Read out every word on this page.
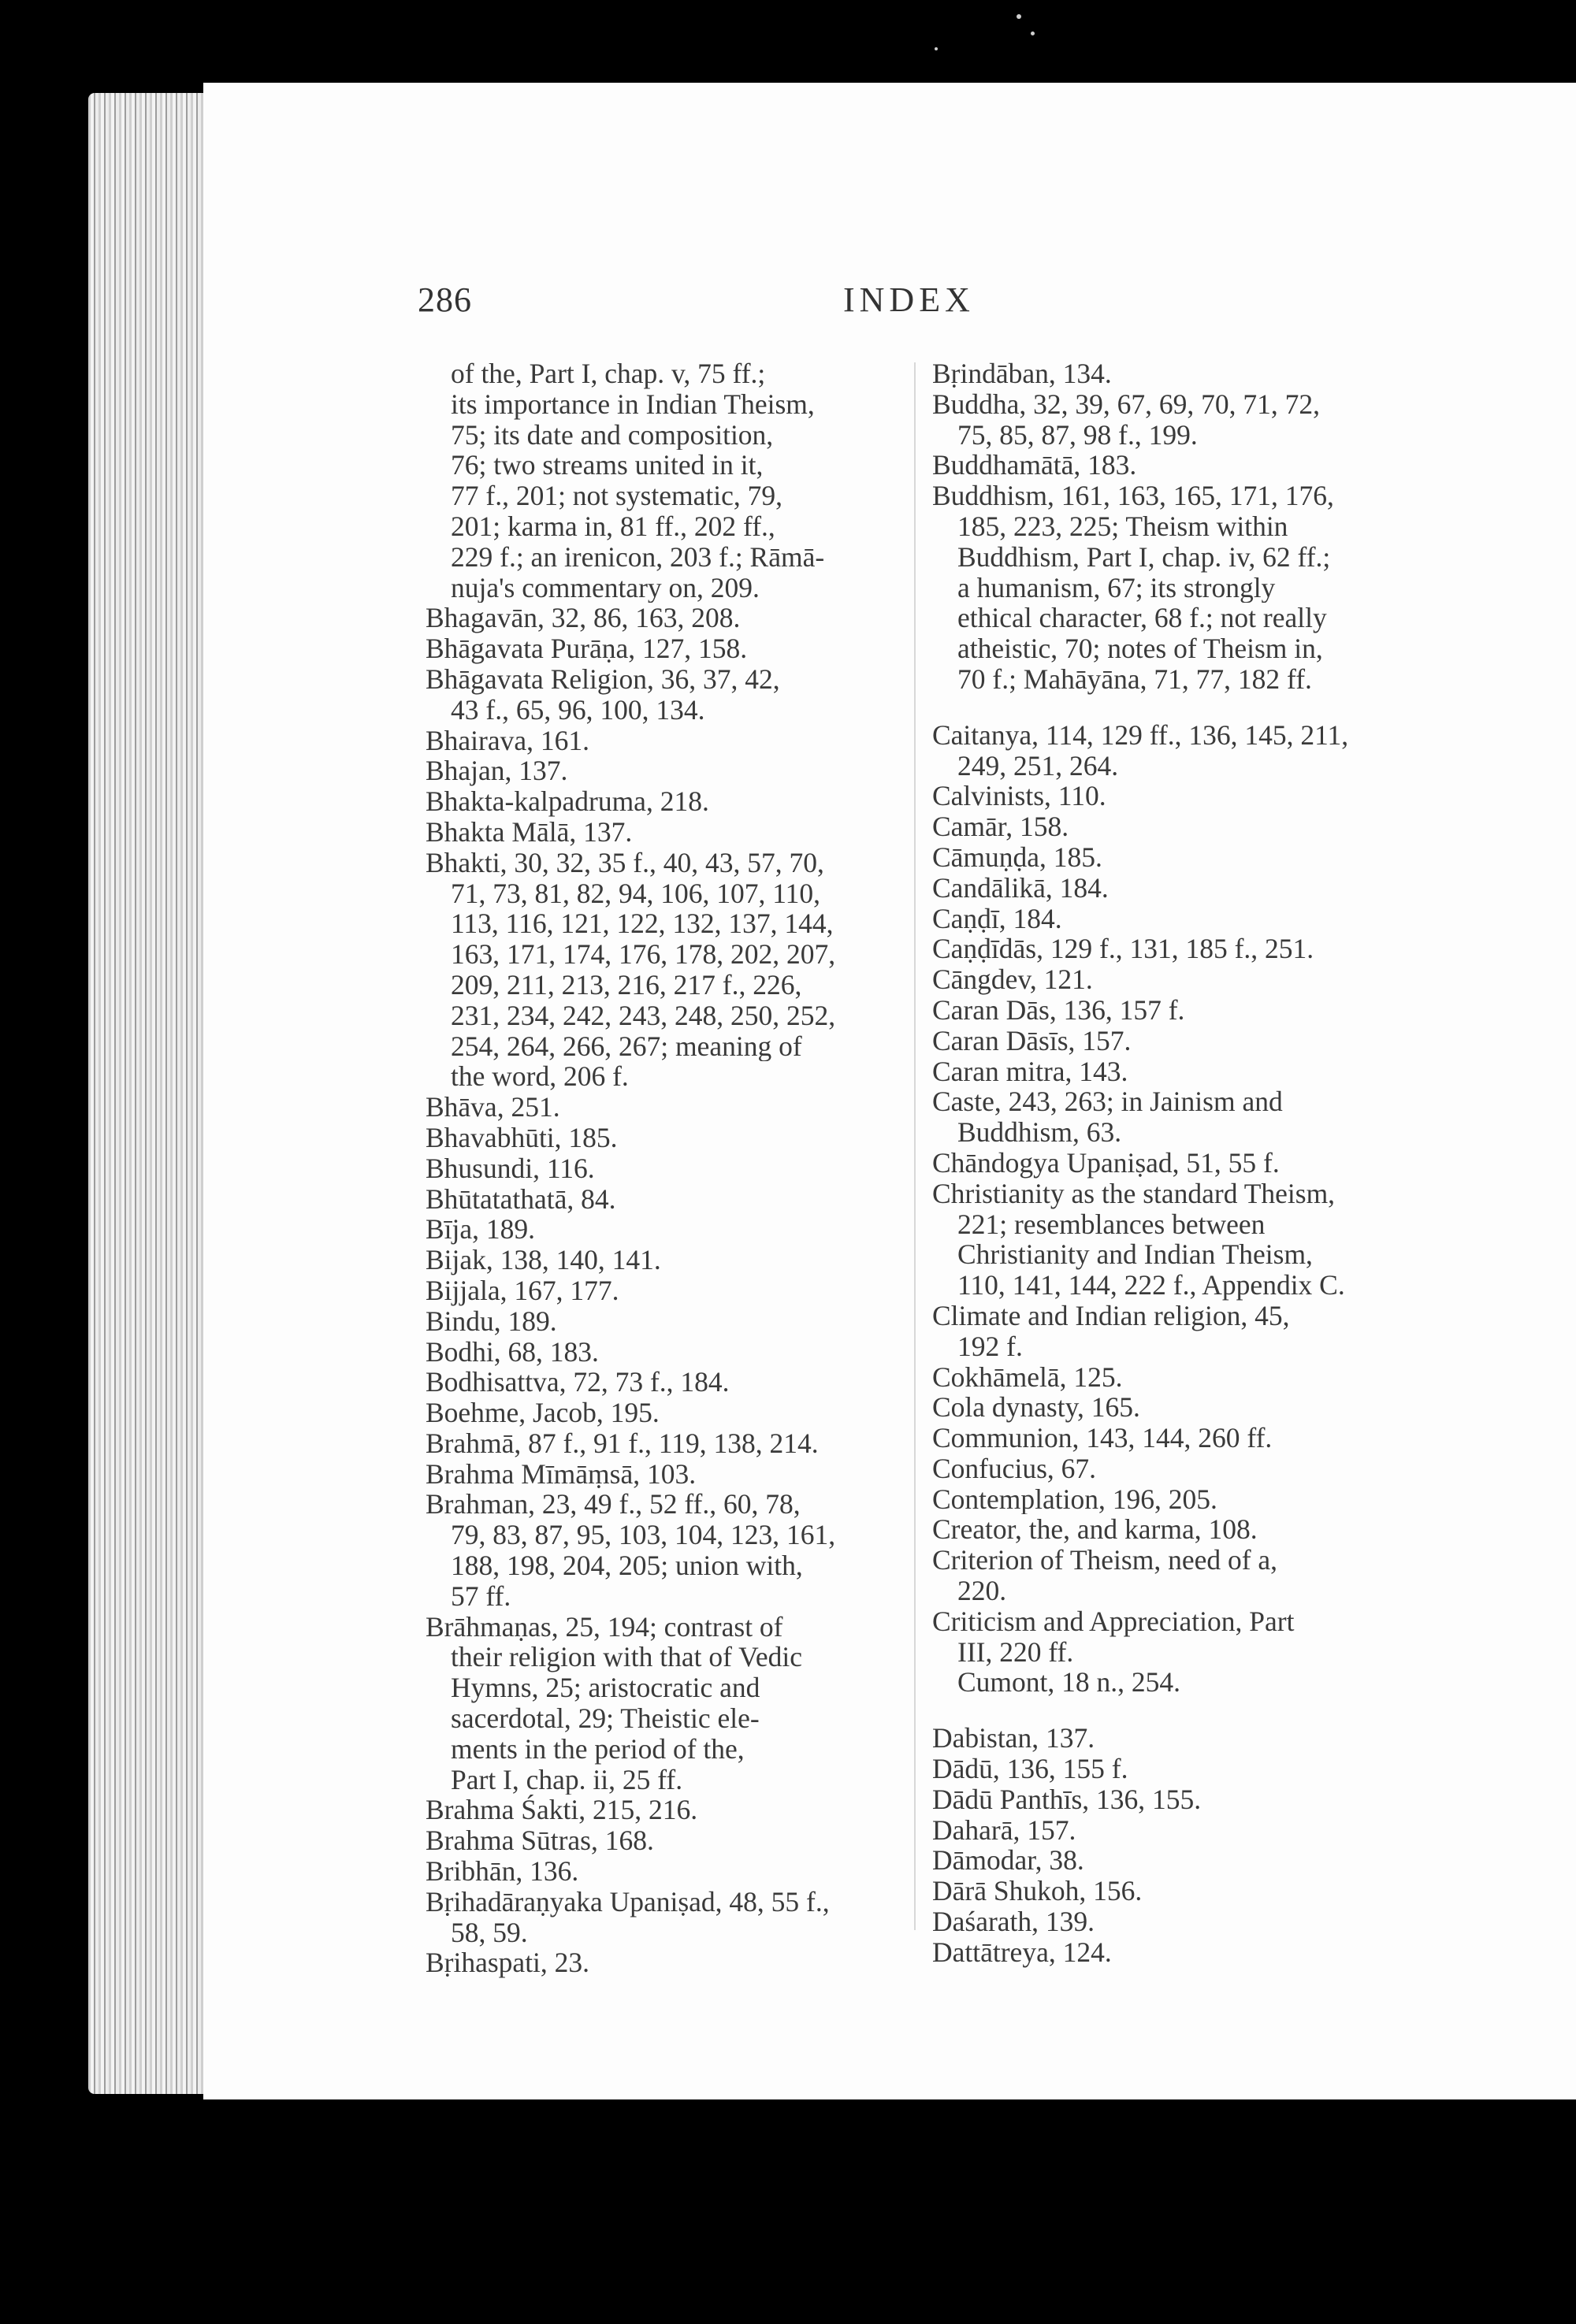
286	INDEX
of the, Part I, chap. v, 75 ff.;
its importance in Indian Theism,
75; its date and composition,
76; two streams united in it,
77 f., 201; not systematic, 79,
201; karma in, 81 ff., 202 ff.,
229 f.; an irenicon, 203 f.; Rāmā-
nuja's commentary on, 209.
Bhagavān, 32, 86, 163, 208.
Bhāgavata Purāṇa, 127, 158.
Bhāgavata Religion, 36, 37, 42,
43 f., 65, 96, 100, 134.
Bhairava, 161.
Bhajan, 137.
Bhakta-kalpadruma, 218.
Bhakta Mālā, 137.
Bhakti, 30, 32, 35 f., 40, 43, 57, 70,
71, 73, 81, 82, 94, 106, 107, 110,
113, 116, 121, 122, 132, 137, 144,
163, 171, 174, 176, 178, 202, 207,
209, 211, 213, 216, 217 f., 226,
231, 234, 242, 243, 248, 250, 252,
254, 264, 266, 267; meaning of
the word, 206 f.
Bhāva, 251.
Bhavabhūti, 185.
Bhusundi, 116.
Bhūtatathatā, 84.
Bīja, 189.
Bijak, 138, 140, 141.
Bijjala, 167, 177.
Bindu, 189.
Bodhi, 68, 183.
Bodhisattva, 72, 73 f., 184.
Boehme, Jacob, 195.
Brahmā, 87 f., 91 f., 119, 138, 214.
Brahma Mīmāṃsā, 103.
Brahman, 23, 49 f., 52 ff., 60, 78,
79, 83, 87, 95, 103, 104, 123, 161,
188, 198, 204, 205; union with,
57 ff.
Brāhmaṇas, 25, 194; contrast of
their religion with that of Vedic
Hymns, 25; aristocratic and
sacerdotal, 29; Theistic ele-
ments in the period of the,
Part I, chap. ii, 25 ff.
Brahma Śakti, 215, 216.
Brahma Sūtras, 168.
Bribhān, 136.
Bṛihadāraṇyaka Upaniṣad, 48, 55 f.,
58, 59.
Bṛihaspati, 23.
Bṛindāban, 134.
Buddha, 32, 39, 67, 69, 70, 71, 72,
75, 85, 87, 98 f., 199.
Buddhamātā, 183.
Buddhism, 161, 163, 165, 171, 176,
185, 223, 225; Theism within
Buddhism, Part I, chap. iv, 62 ff.;
a humanism, 67; its strongly
ethical character, 68 f.; not really
atheistic, 70; notes of Theism in,
70 f.; Mahāyāna, 71, 77, 182 ff.
Caitanya, 114, 129 ff., 136, 145, 211,
249, 251, 264.
Calvinists, 110.
Camār, 158.
Cāmuṇḍa, 185.
Candālikā, 184.
Caṇḍī, 184.
Caṇḍīdās, 129 f., 131, 185 f., 251.
Cāngdev, 121.
Caran Dās, 136, 157 f.
Caran Dāsīs, 157.
Caran mitra, 143.
Caste, 243, 263; in Jainism and
Buddhism, 63.
Chāndogya Upaniṣad, 51, 55 f.
Christianity as the standard Theism,
221; resemblances between
Christianity and Indian Theism,
110, 141, 144, 222 f., Appendix C.
Climate and Indian religion, 45,
192 f.
Cokhāmelā, 125.
Cola dynasty, 165.
Communion, 143, 144, 260 ff.
Confucius, 67.
Contemplation, 196, 205.
Creator, the, and karma, 108.
Criterion of Theism, need of a,
220.
Criticism and Appreciation, Part
III, 220 ff.
Cumont, 18 n., 254.
Dabistan, 137.
Dādū, 136, 155 f.
Dādū Panthīs, 136, 155.
Daharā, 157.
Dāmodar, 38.
Dārā Shukoh, 156.
Daśarath, 139.
Dattātreya, 124.
